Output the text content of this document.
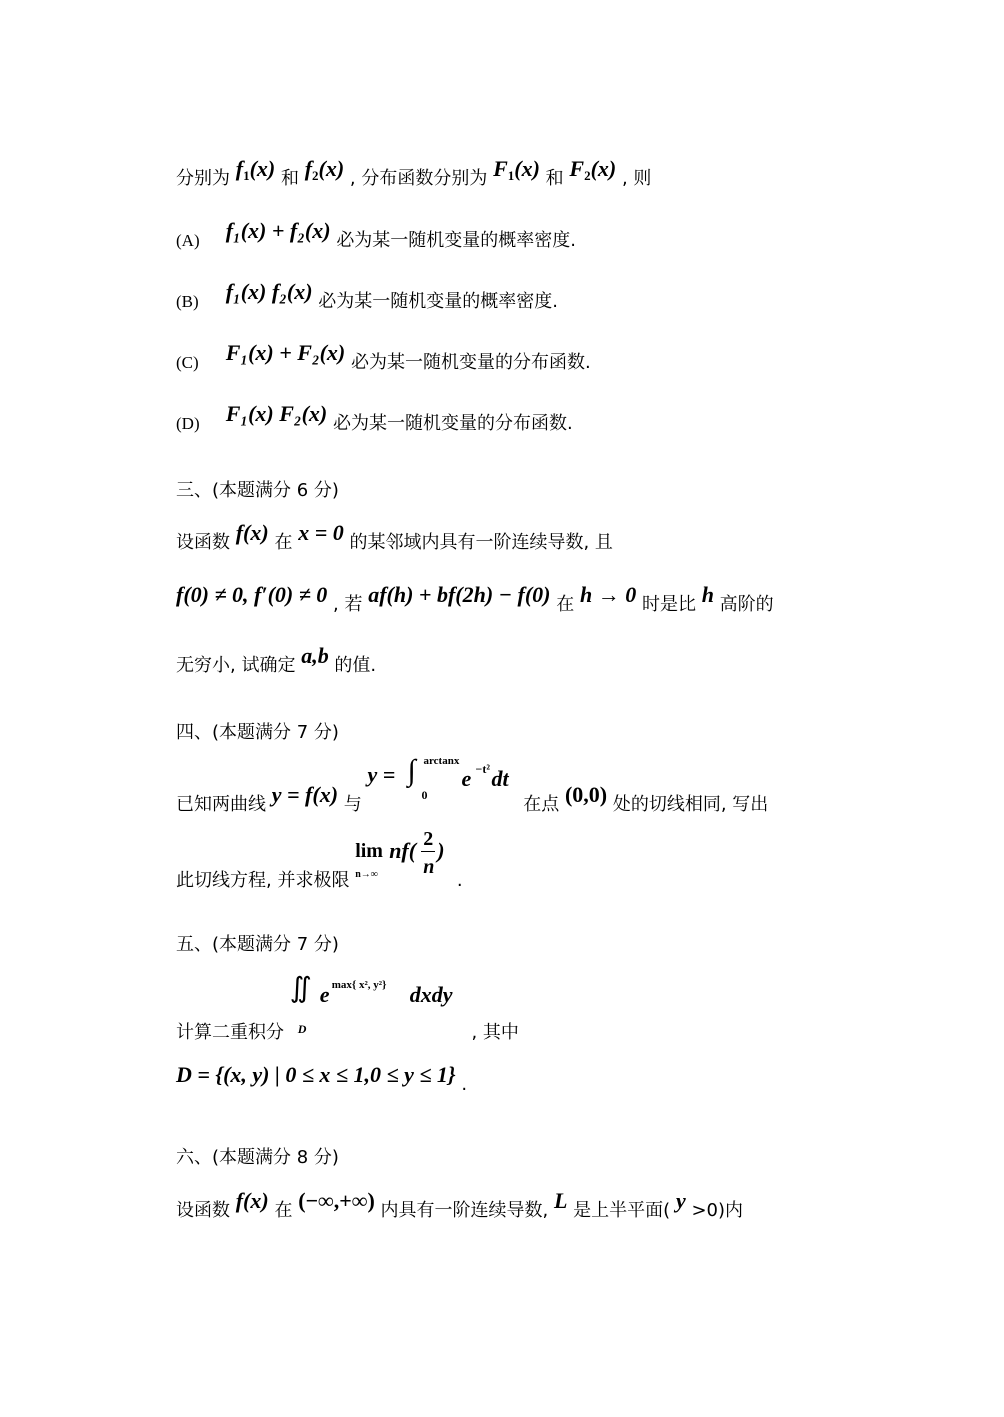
分别为 $f_1(x)$ 和 $f_2(x)$ , 分布函数分别为 $F_1(x)$ 和 $F_2(x)$ , 则
(A) f₁(x) + f₂(x) 必为某一随机变量的概率密度.
(B) f₁(x) f₂(x) 必为某一随机变量的概率密度.
(C) F₁(x) + F₂(x) 必为某一随机变量的分布函数.
(D) F₁(x) F₂(x) 必为某一随机变量的分布函数.
三、(本题满分 6 分)
设函数 f(x) 在 x = 0 的某邻域内具有一阶连续导数, 且
f(0) ≠ 0, f′(0) ≠ 0 , 若 af(h) + bf(2h) − f(0) 在 h → 0 时是比 h 高阶的
无穷小, 试确定 a,b 的值.
四、(本题满分 7 分)
已知两曲线 y = f(x) 与
y = ∫ arctanx
0
e −t² dt
在点 (0,0) 处的切线相同, 写出
此切线方程, 并求极限
lim
n→∞
nf( 2
n
)
.
五、(本题满分 7 分)
计算二重积分
∬
D
e max{ x², y²} dxdy
, 其中
D = {(x, y) | 0 ≤ x ≤ 1,0 ≤ y ≤ 1} .
六、(本题满分 8 分)
设函数 f(x) 在 (−∞,+∞) 内具有一阶连续导数, L 是上半平面( y >0)内
